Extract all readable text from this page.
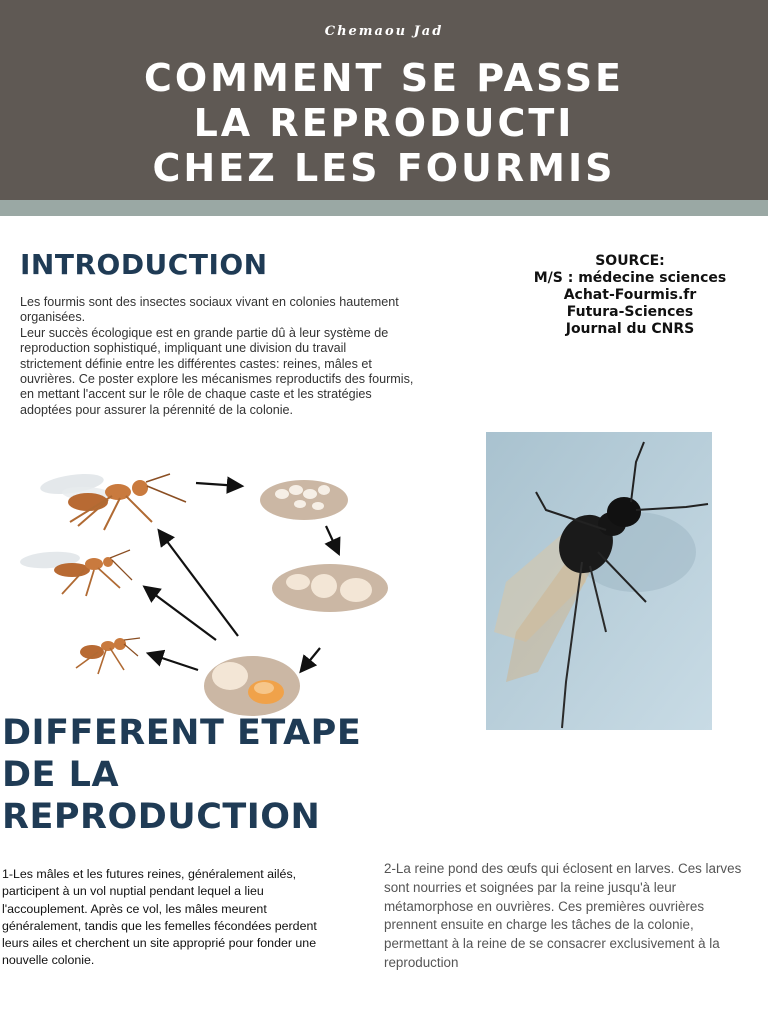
Chemaou Jad
COMMENT SE PASSE
LA REPRODUCTI
CHEZ LES FOURMIS
INTRODUCTION

Les fourmis sont des insectes sociaux vivant en colonies hautement
organisées.
Leur succès écologique est en grande partie dû à leur système de
reproduction sophistiqué, impliquant une division du travail
strictement définie entre les différentes castes: reines, mâles et
ouvrières. Ce poster explore les mécanismes reproductifs des fourmis,
en mettant l'accent sur le rôle de chaque caste et les stratégies
adoptées pour assurer la pérennité de la colonie.

SOURCE:
M/S : médecine sciences
Achat-Fourmis.fr
Futura-Sciences
Journal du CNRS
DIFFERENT ETAPE
DE LA
REPRODUCTION

1-Les mâles et les futures reines, généralement ailés, participent à un vol nuptial pendant lequel a lieu l'accouplement. Après ce vol, les mâles meurent généralement, tandis que les femelles fécondées perdent leurs ailes et cherchent un site approprié pour fonder une nouvelle colonie.

2-La reine pond des œufs qui éclosent en larves. Ces larves sont nourries et soignées par la reine jusqu'à leur métamorphose en ouvrières. Ces premières ouvrières prennent ensuite en charge les tâches de la colonie, permettant à la reine de se consacrer exclusivement à la reproduction
